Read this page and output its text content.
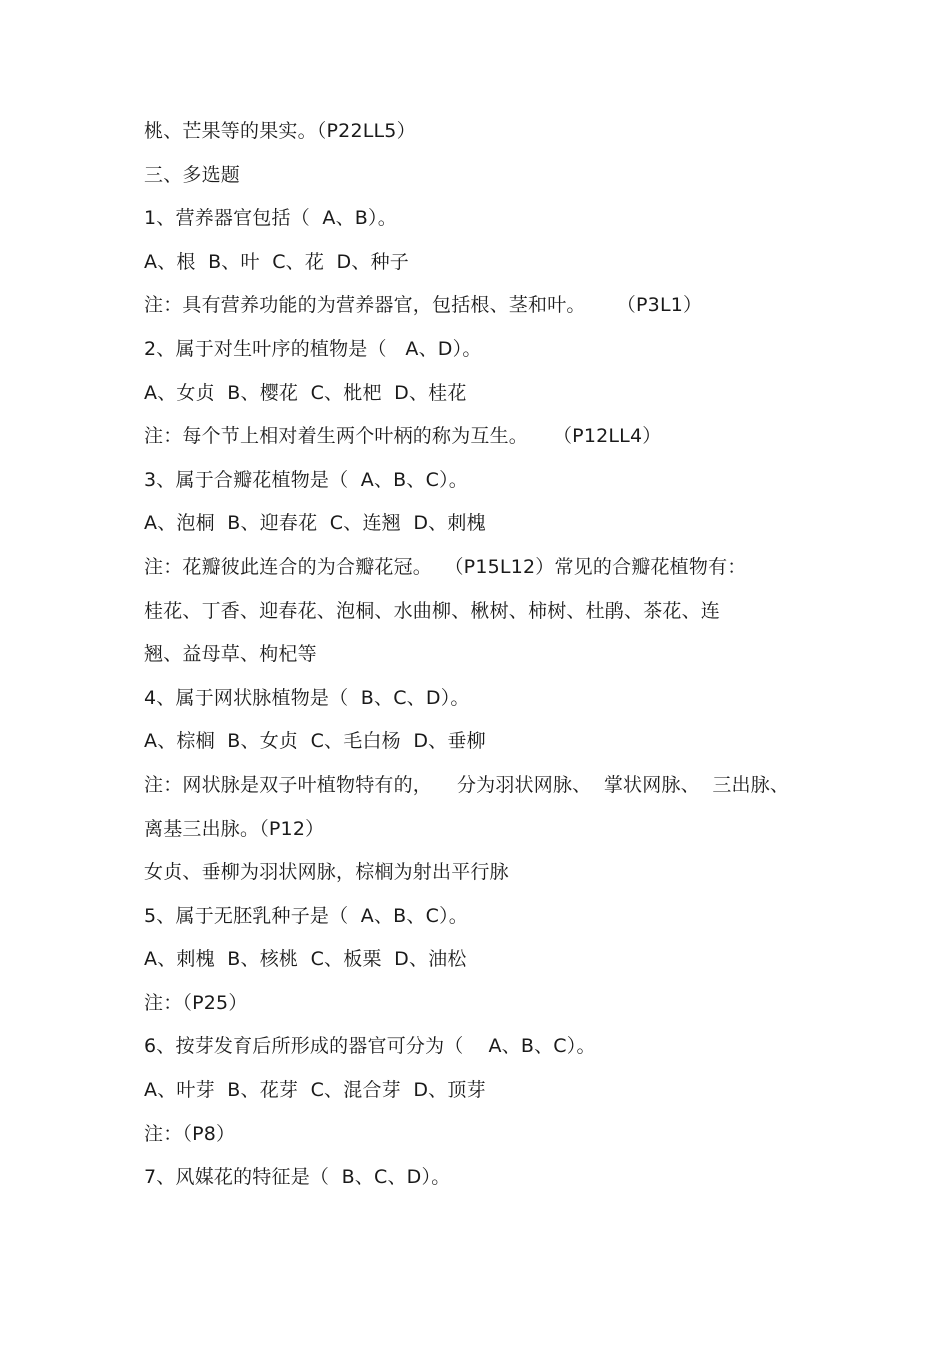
桃、芒果等的果实。（P22LL5）
三、多选题
1、营养器官包括（  A、B）。
A、根  B、叶  C、花  D、种子
注：具有营养功能的为营养器官，包括根、茎和叶。     （P3L1）
2、属于对生叶序的植物是（   A、D）。
A、女贞  B、樱花  C、枇杷  D、桂花
注：每个节上相对着生两个叶柄的称为互生。    （P12LL4）
3、属于合瓣花植物是（  A、B、C）。
A、泡桐  B、迎春花  C、连翘  D、刺槐
注：花瓣彼此连合的为合瓣花冠。  （P15L12）常见的合瓣花植物有：
桂花、丁香、迎春花、泡桐、水曲柳、楸树、柿树、杜鹃、茶花、连
翘、益母草、枸杞等
4、属于网状脉植物是（  B、C、D）。
A、棕榈  B、女贞  C、毛白杨  D、垂柳
注：网状脉是双子叶植物特有的，    分为羽状网脉、  掌状网脉、  三出脉、
离基三出脉。（P12）
女贞、垂柳为羽状网脉，棕榈为射出平行脉
5、属于无胚乳种子是（  A、B、C）。
A、刺槐  B、核桃  C、板栗  D、油松
注：（P25）
6、按芽发育后所形成的器官可分为（    A、B、C）。
A、叶芽  B、花芽  C、混合芽  D、顶芽
注：（P8）
7、风媒花的特征是（  B、C、D）。
